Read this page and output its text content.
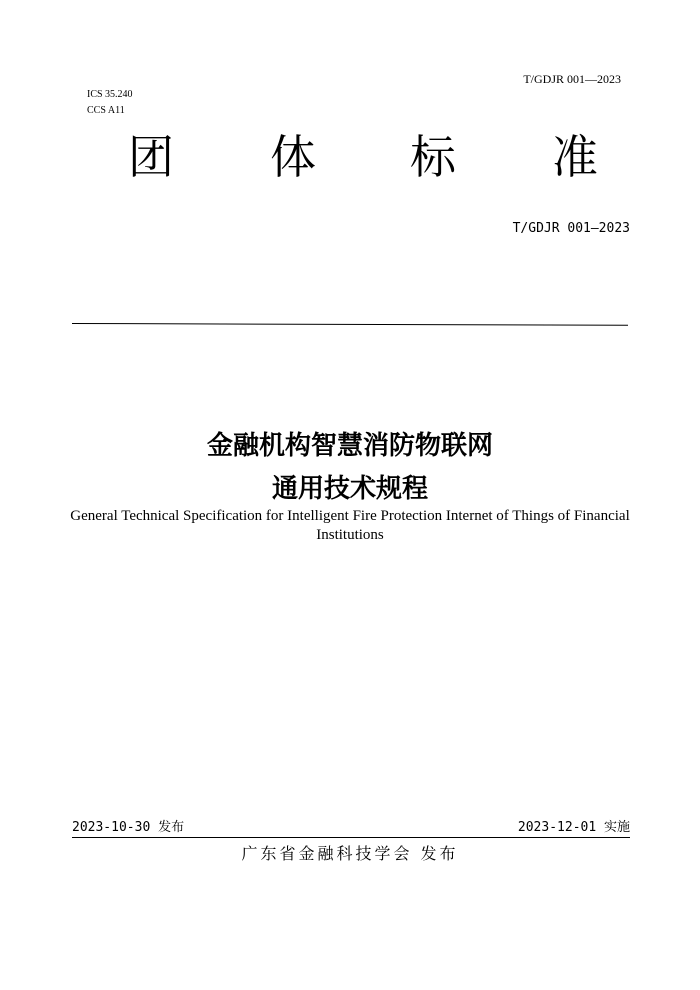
T/GDJR 001—2023
ICS 35.240
CCS A11
团 体 标 准
T/GDJR 001—2023
金融机构智慧消防物联网
通用技术规程
General Technical Specification for Intelligent Fire Protection Internet of Things of Financial Institutions
2023-10-30 发布	2023-12-01 实施
广东省金融科技学会 发布
